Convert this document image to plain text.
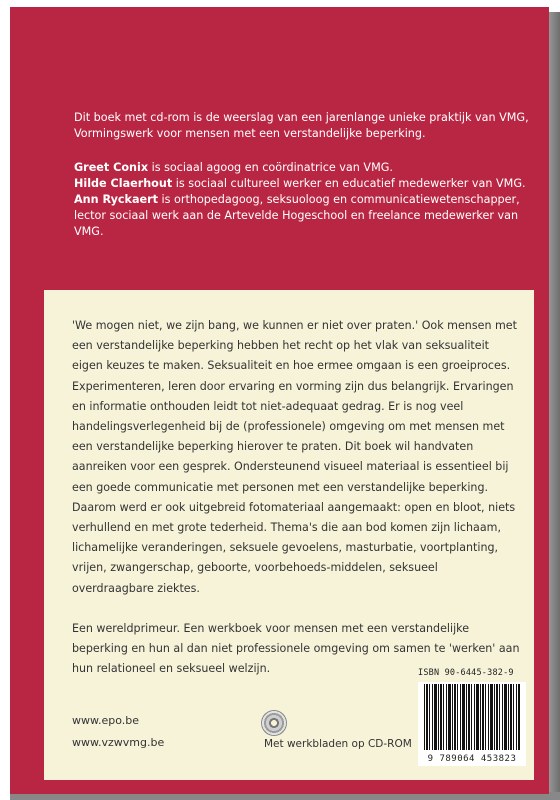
Dit boek met cd-rom is de weerslag van een jarenlange unieke praktijk van VMG, Vormingswerk voor mensen met een verstandelijke beperking.

Greet Conix is sociaal agoog en coördinatrice van VMG.
Hilde Claerhout is sociaal cultureel werker en educatief medewerker van VMG.
Ann Ryckaert is orthopedagoog, seksuoloog en communicatiewetenschapper, lector sociaal werk aan de Artevelde Hogeschool en freelance medewerker van VMG.

'We mogen niet, we zijn bang, we kunnen er niet over praten.' Ook mensen met een verstandelijke beperking hebben het recht op het vlak van seksualiteit eigen keuzes te maken. Seksualiteit en hoe ermee omgaan is een groeiproces. Experimenteren, leren door ervaring en vorming zijn dus belangrijk. Ervaringen en informatie onthouden leidt tot niet-adequaat gedrag. Er is nog veel handelingsverlegenheid bij de (professionele) omgeving om met mensen met een verstandelijke beperking hierover te praten. Dit boek wil handvaten aanreiken voor een gesprek. Ondersteunend visueel materiaal is essentieel bij een goede communicatie met personen met een verstandelijke beperking. Daarom werd er ook uitgebreid fotomateriaal aangemaakt: open en bloot, niets verhullend en met grote tederheid. Thema's die aan bod komen zijn lichaam, lichamelijke veranderingen, seksuele gevoelens, masturbatie, voortplanting, vrijen, zwangerschap, geboorte, voorbehoeds-middelen, seksueel overdraagbare ziektes.

Een wereldprimeur. Een werkboek voor mensen met een verstandelijke beperking en hun al dan niet professionele omgeving om samen te 'werken' aan hun relationeel en seksueel welzijn.

www.epo.be
www.vzwvmg.be	Met werkbladen op CD-ROM
ISBN 90-6445-382-9
9 789064 453823
